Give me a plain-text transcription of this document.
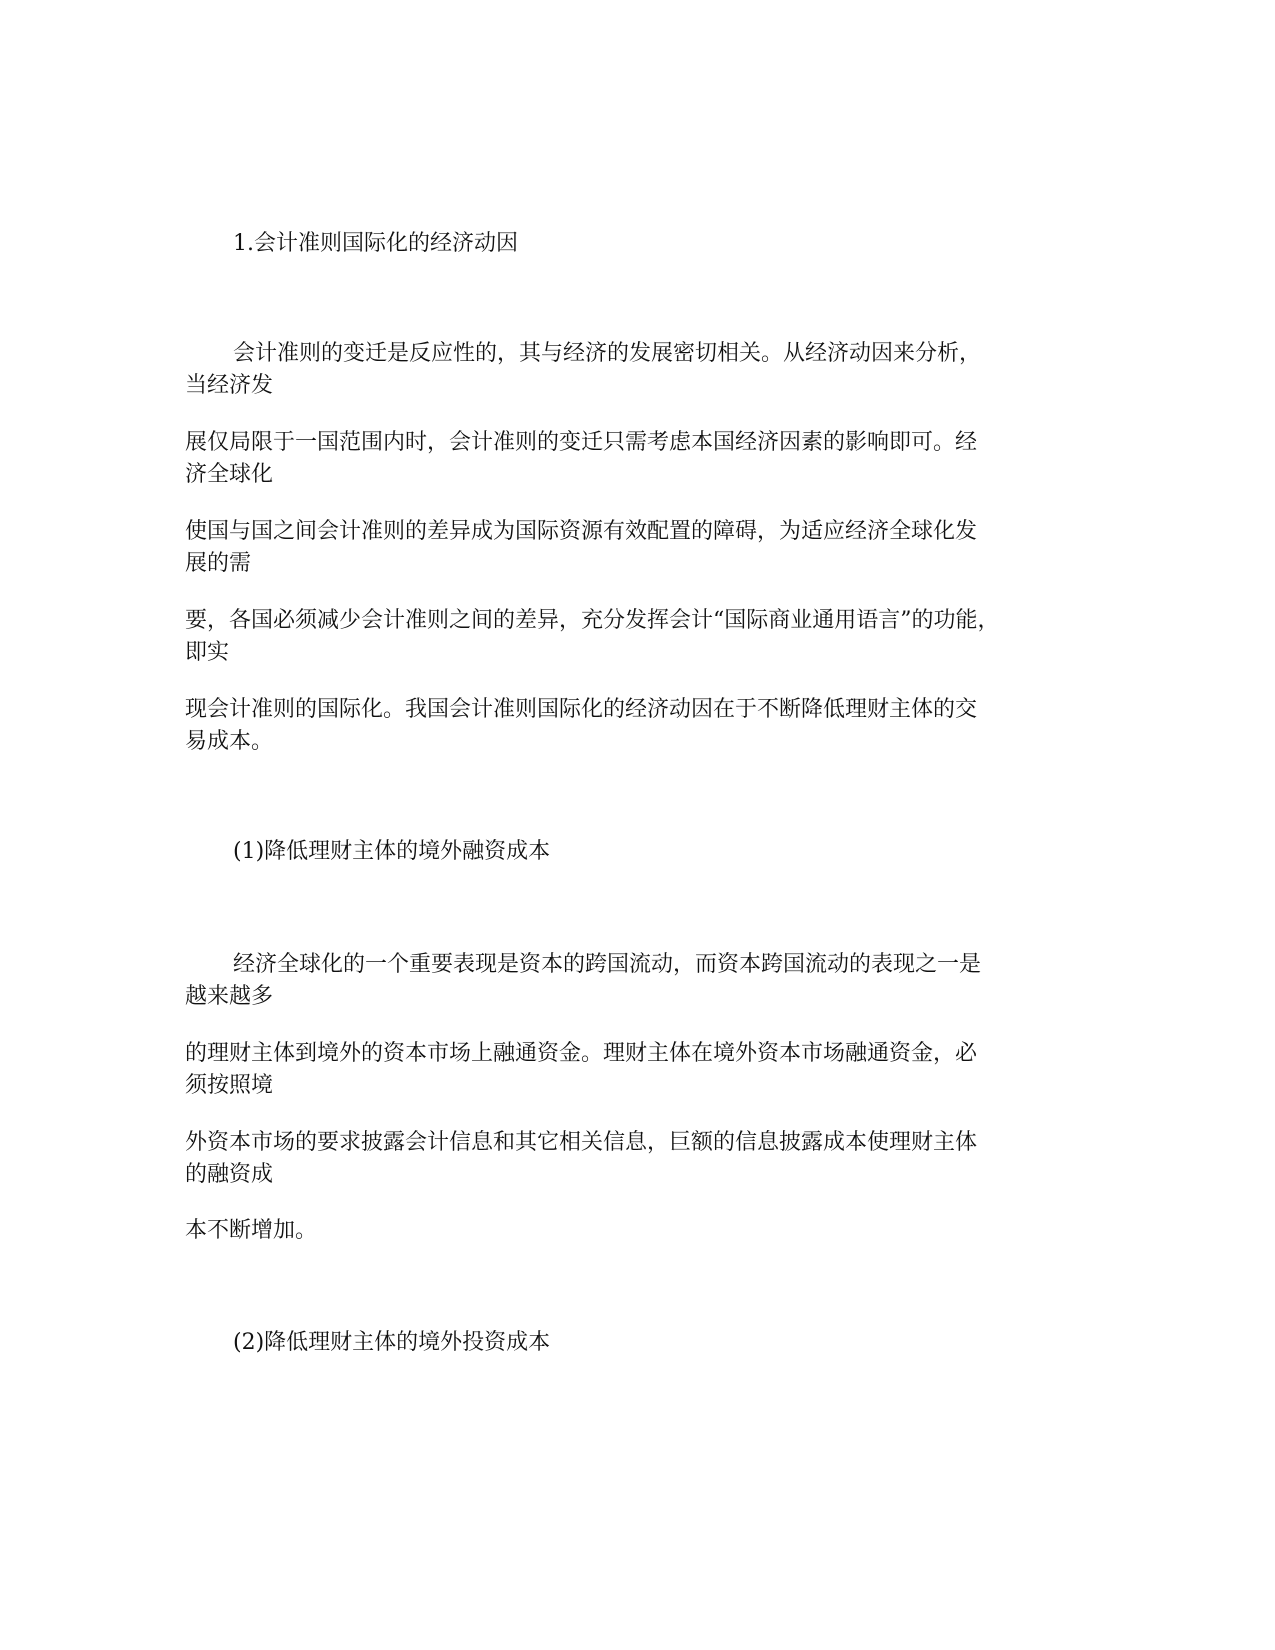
1.会计准则国际化的经济动因
会计准则的变迁是反应性的，其与经济的发展密切相关。从经济动因来分析，
当经济发
展仅局限于一国范围内时，会计准则的变迁只需考虑本国经济因素的影响即可。经
济全球化
使国与国之间会计准则的差异成为国际资源有效配置的障碍，为适应经济全球化发
展的需
要，各国必须减少会计准则之间的差异，充分发挥会计“国际商业通用语言”的功能，
即实
现会计准则的国际化。我国会计准则国际化的经济动因在于不断降低理财主体的交
易成本。
(1)降低理财主体的境外融资成本
经济全球化的一个重要表现是资本的跨国流动，而资本跨国流动的表现之一是
越来越多
的理财主体到境外的资本市场上融通资金。理财主体在境外资本市场融通资金，必
须按照境
外资本市场的要求披露会计信息和其它相关信息，巨额的信息披露成本使理财主体
的融资成
本不断增加。
(2)降低理财主体的境外投资成本
